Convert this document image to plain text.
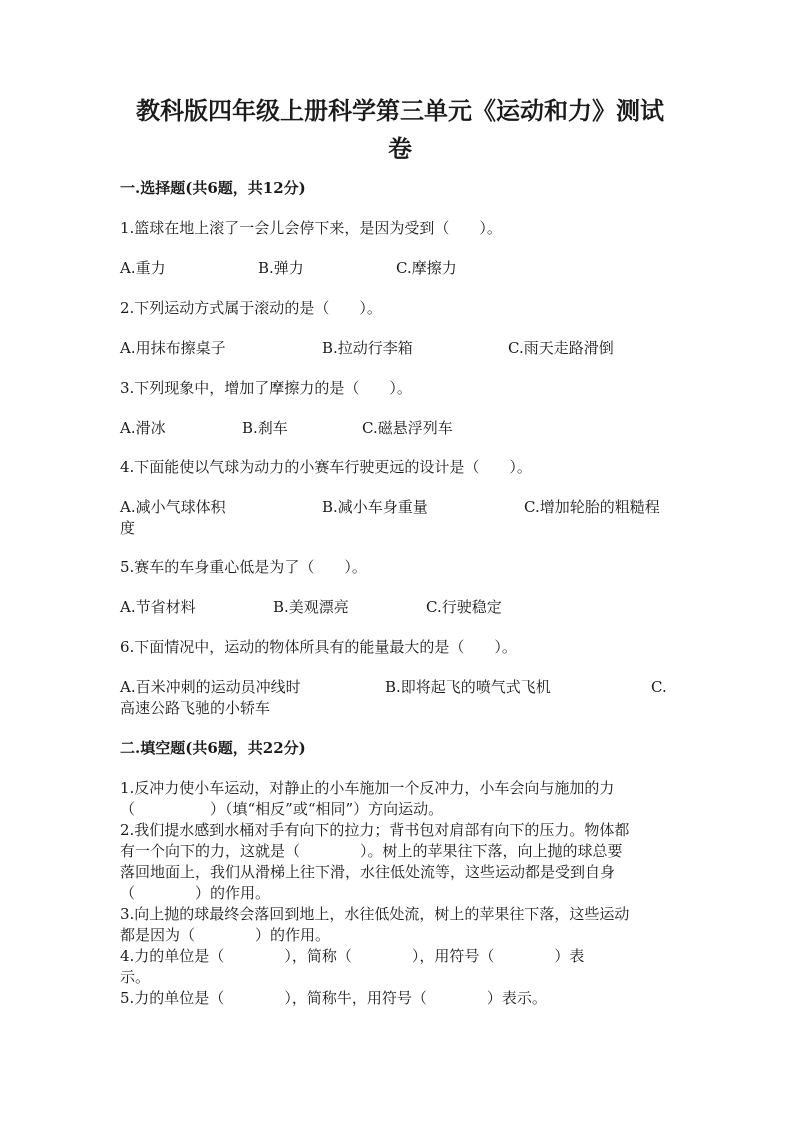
教科版四年级上册科学第三单元《运动和力》测试
卷
一.选择题(共6题，共12分)
1.篮球在地上滚了一会儿会停下来，是因为受到（　　）。
A.重力	B.弹力	C.摩擦力
2.下列运动方式属于滚动的是（　　）。
A.用抹布擦桌子	B.拉动行李箱	C.雨天走路滑倒
3.下列现象中，增加了摩擦力的是（　　）。
A.滑冰	B.刹车	C.磁悬浮列车
4.下面能使以气球为动力的小赛车行驶更远的设计是（　　）。
A.减小气球体积	B.减小车身重量	C.增加轮胎的粗糙程
度
5.赛车的车身重心低是为了（　　）。
A.节省材料	B.美观漂亮	C.行驶稳定
6.下面情况中，运动的物体所具有的能量最大的是（　　）。
A.百米冲刺的运动员冲线时	B.即将起飞的喷气式飞机	C.
高速公路飞驰的小轿车
二.填空题(共6题，共22分)
1.反冲力使小车运动，对静止的小车施加一个反冲力，小车会向与施加的力
（　　　　　）（填“相反”或“相同”）方向运动。
2.我们提水感到水桶对手有向下的拉力；背书包对肩部有向下的压力。物体都
有一个向下的力，这就是（　　　　）。树上的苹果往下落，向上抛的球总要
落回地面上，我们从滑梯上往下滑，水往低处流等，这些运动都是受到自身
（　　　　）的作用。
3.向上抛的球最终会落回到地上，水往低处流，树上的苹果往下落，这些运动
都是因为（　　　　）的作用。
4.力的单位是（　　　　），简称（　　　　），用符号（　　　　）表
示。
5.力的单位是（　　　　），简称牛，用符号（　　　　）表示。
